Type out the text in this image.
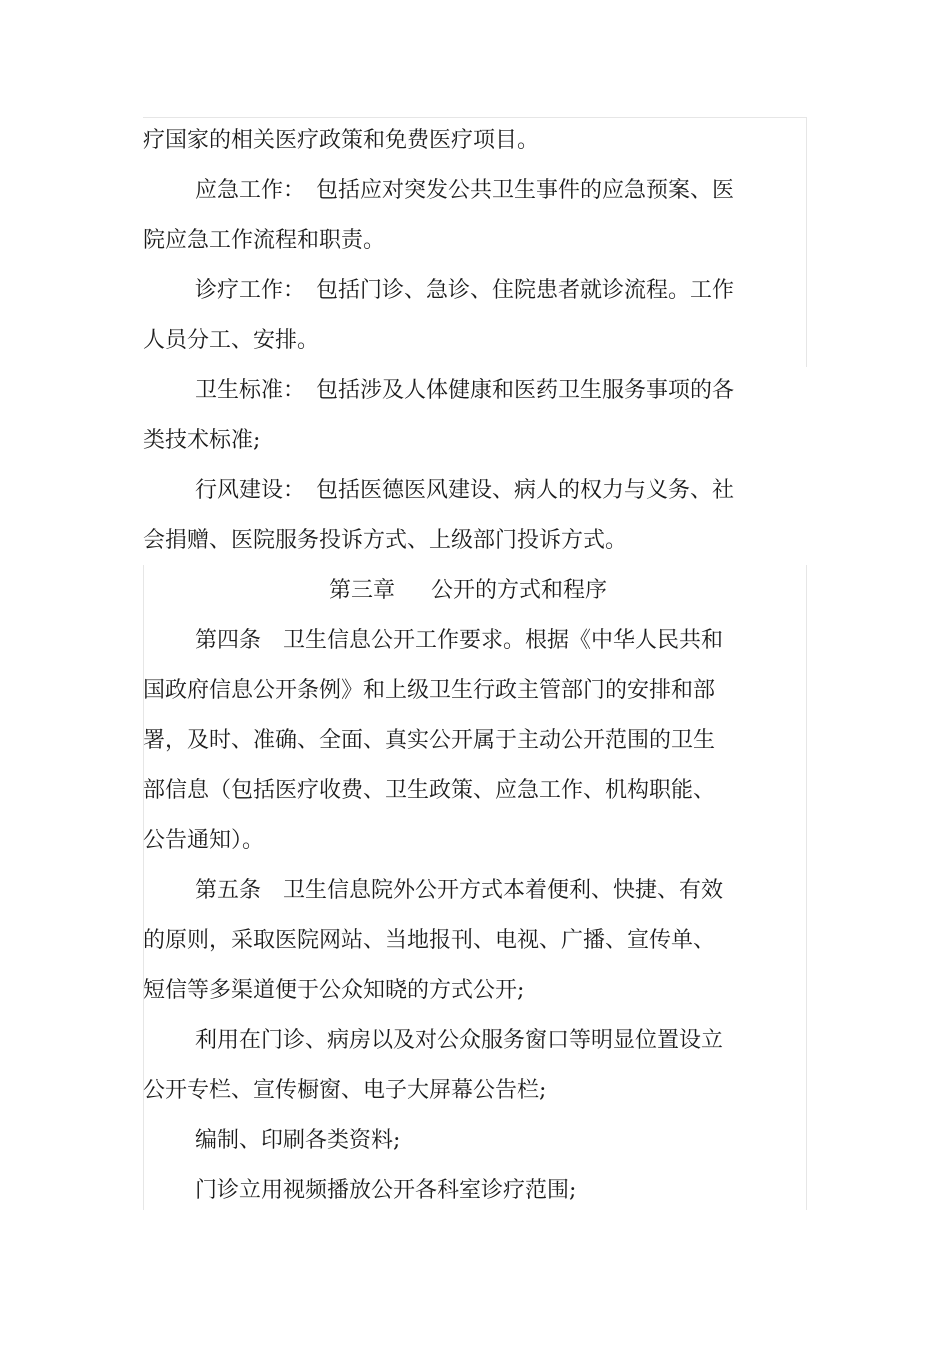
疗国家的相关医疗政策和免费医疗项目。
应急工作：　包括应对突发公共卫生事件的应急预案、医
院应急工作流程和职责。
诊疗工作：　包括门诊、急诊、住院患者就诊流程。工作
人员分工、安排。
卫生标准：　包括涉及人体健康和医药卫生服务事项的各
类技术标准;
行风建设：　包括医德医风建设、病人的权力与义务、社
会捐赠、医院服务投诉方式、上级部门投诉方式。
第三章 公开的方式和程序
第四条　卫生信息公开工作要求。根据《中华人民共和
国政府信息公开条例》和上级卫生行政主管部门的安排和部
署，及时、准确、全面、真实公开属于主动公开范围的卫生
部信息（包括医疗收费、卫生政策、应急工作、机构职能、
公告通知）。
第五条　卫生信息院外公开方式本着便利、快捷、有效
的原则，采取医院网站、当地报刊、电视、广播、宣传单、
短信等多渠道便于公众知晓的方式公开;
利用在门诊、病房以及对公众服务窗口等明显位置设立
公开专栏、宣传橱窗、电子大屏幕公告栏;
编制、印刷各类资料;
门诊立用视频播放公开各科室诊疗范围;
